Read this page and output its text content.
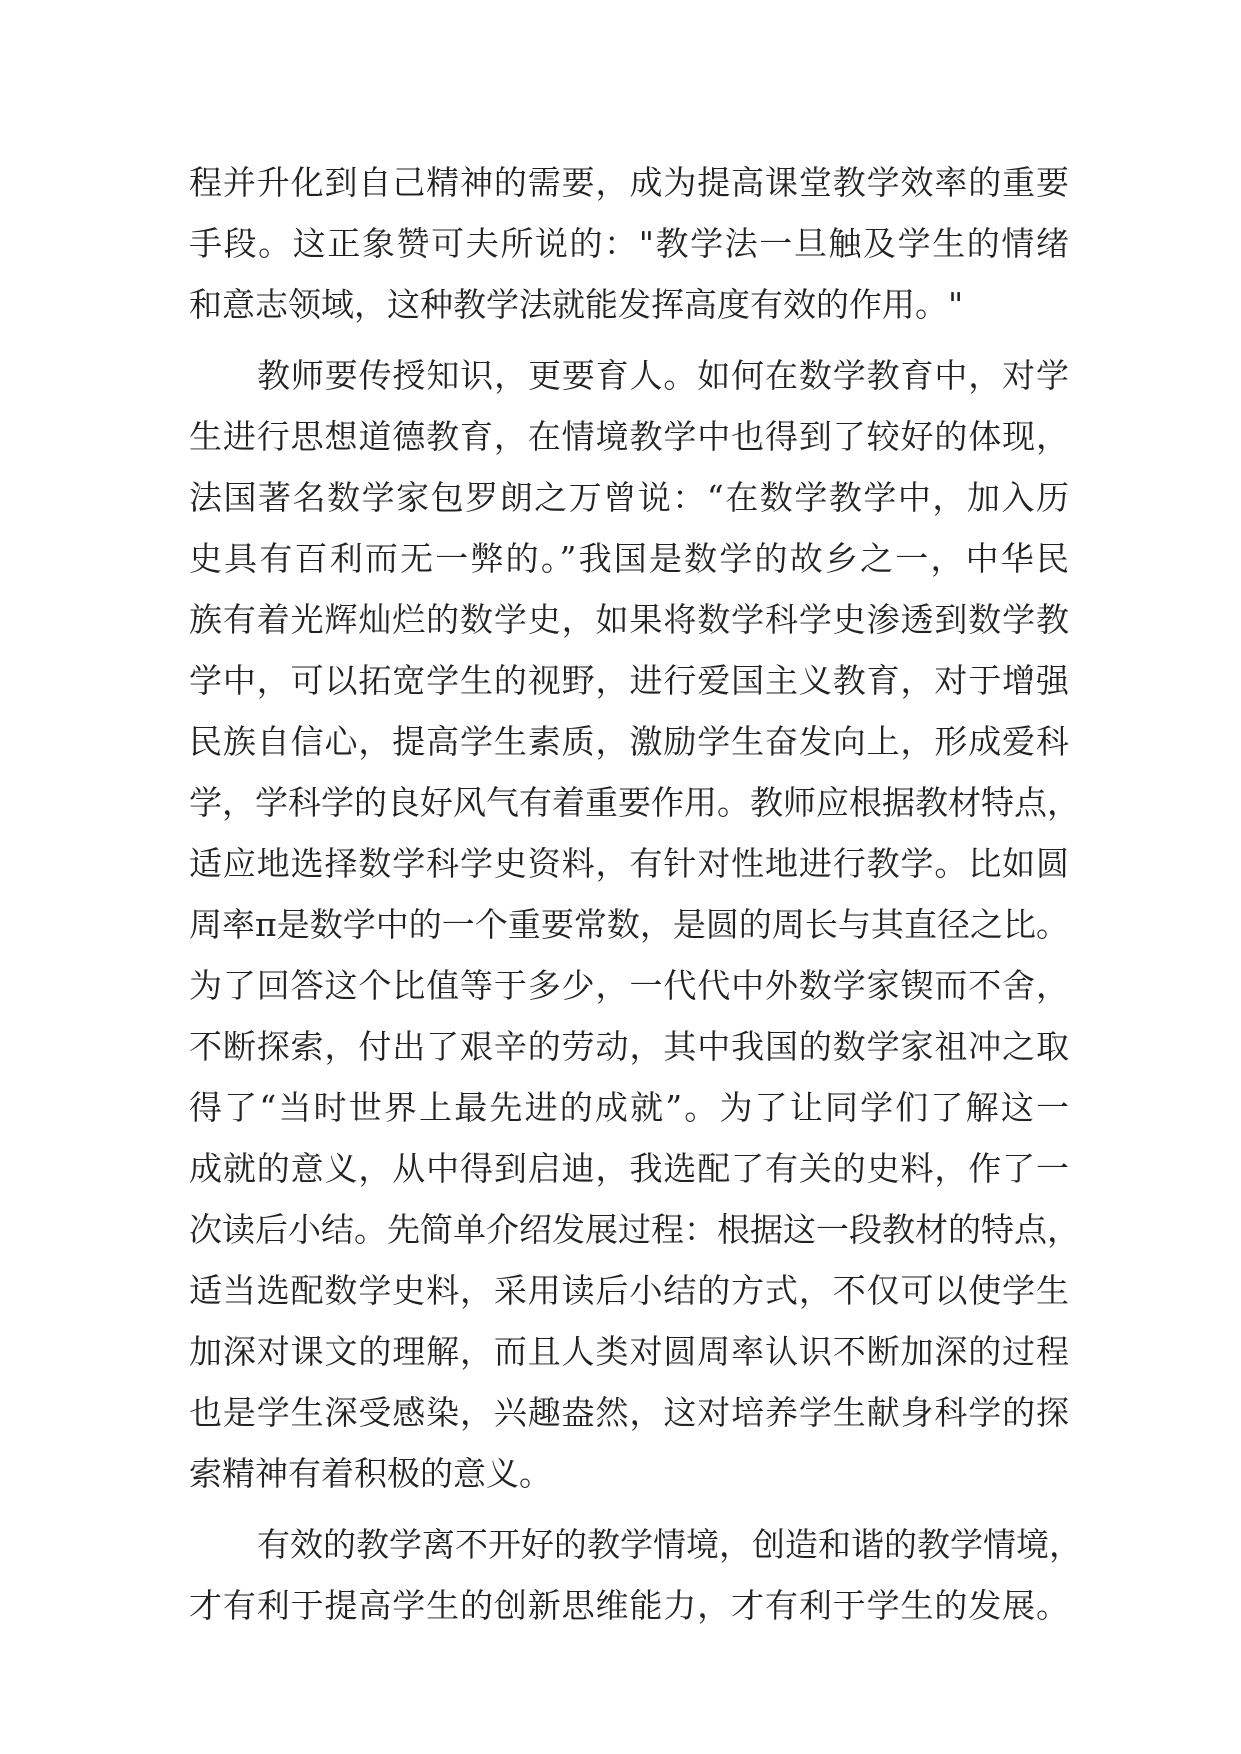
程并升化到自己精神的需要，成为提高课堂教学效率的重要
手段。这正象赞可夫所说的："教学法一旦触及学生的情绪
和意志领域，这种教学法就能发挥高度有效的作用。"
教师要传授知识，更要育人。如何在数学教育中，对学
生进行思想道德教育，在情境教学中也得到了较好的体现，
法国著名数学家包罗朗之万曾说：“在数学教学中，加入历
史具有百利而无一弊的。”我国是数学的故乡之一，中华民
族有着光辉灿烂的数学史，如果将数学科学史渗透到数学教
学中，可以拓宽学生的视野，进行爱国主义教育，对于增强
民族自信心，提高学生素质，激励学生奋发向上，形成爱科
学，学科学的良好风气有着重要作用。教师应根据教材特点，
适应地选择数学科学史资料，有针对性地进行教学。比如圆
周率π是数学中的一个重要常数，是圆的周长与其直径之比。
为了回答这个比值等于多少，一代代中外数学家锲而不舍，
不断探索，付出了艰辛的劳动，其中我国的数学家祖冲之取
得了“当时世界上最先进的成就”。为了让同学们了解这一
成就的意义，从中得到启迪，我选配了有关的史料，作了一
次读后小结。先简单介绍发展过程：根据这一段教材的特点，
适当选配数学史料，采用读后小结的方式，不仅可以使学生
加深对课文的理解，而且人类对圆周率认识不断加深的过程
也是学生深受感染，兴趣盎然，这对培养学生献身科学的探
索精神有着积极的意义。
有效的教学离不开好的教学情境，创造和谐的教学情境，
才有利于提高学生的创新思维能力，才有利于学生的发展。
